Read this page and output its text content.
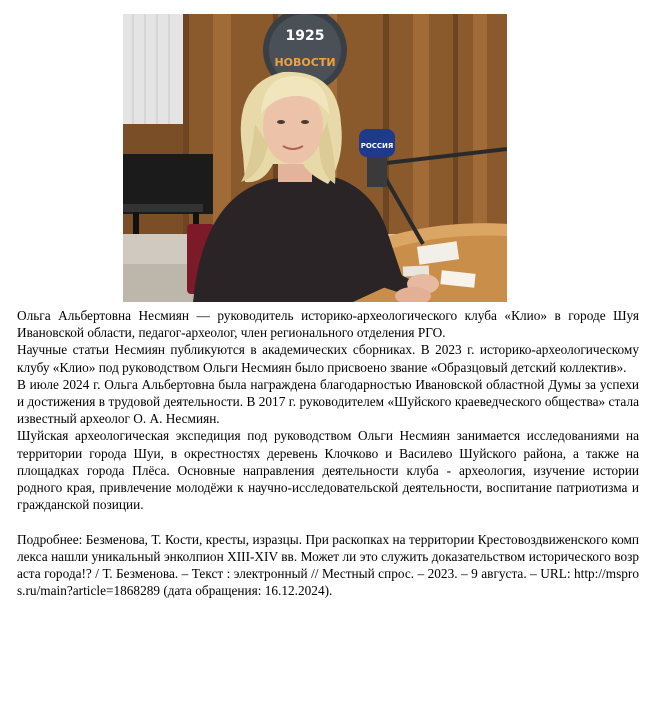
1925
НОВОСТИ
РОССИЯ

Ольга Альбертовна Несмиян — руководитель историко-археологического клуба «Клио» в городе Шуя Ивановской области, педагог-археолог, член регионального отделения РГО.

Научные статьи Несмиян публикуются в академических сборниках. В 2023 г. историко-археологическому клубу «Клио» под руководством Ольги Несмиян было присвоено звание «Образцовый детский коллектив».

В июле 2024 г. Ольга Альбертовна была награждена благодарностью Ивановской областной Думы за успехи и достижения в трудовой деятельности. В 2017 г. руководителем «Шуйского краеведческого общества» стала известный археолог О. А. Несмиян.

Шуйская археологическая экспедиция под руководством Ольги Несмиян занимается исследованиями на территории города Шуи, в окрестностях деревень Клочково и Василево Шуйского района, а также на площадках города Плёса. Основные направления деятельности клуба - археология, изучение истории родного края, привлечение молодёжи к научно-исследовательской деятельности, воспитание патриотизма и гражданской позиции.

Подробнее: Безменова, Т. Кости, кресты, изразцы. При раскопках на территории Крестовоздвиженского комплекса нашли уникальный энколпион XIII-XIV вв. Может ли это служить доказательством исторического возраста города!? / Т. Безменова. – Текст : электронный // Местный спрос. – 2023. – 9 августа. – URL: http://mspros.ru/main?article=1868289 (дата обращения: 16.12.2024).
